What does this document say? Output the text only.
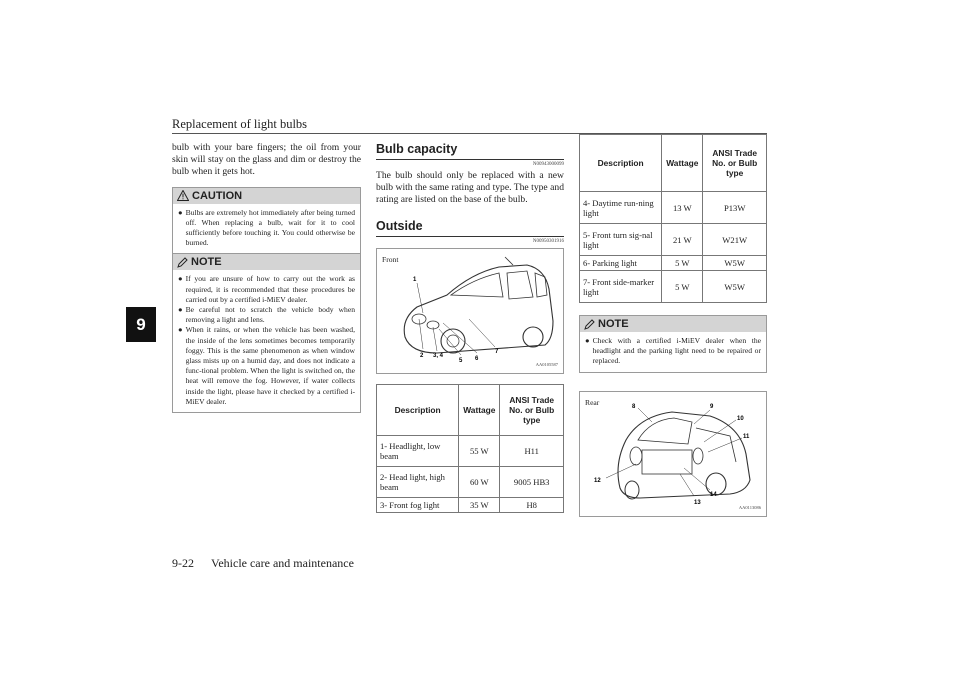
Replacement of light bulbs
9
bulb with your bare fingers; the oil from your skin will stay on the glass and dim or destroy the bulb when it gets hot.
CAUTION
● Bulbs are extremely hot immediately after being turned off. When replacing a bulb, wait for it to cool sufficiently before touching it. You could otherwise be burned.
NOTE
● If you are unsure of how to carry out the work as required, it is recommended that these procedures be carried out by a certified i-MiEV dealer.
● Be careful not to scratch the vehicle body when removing a light and lens.
● When it rains, or when the vehicle has been washed, the inside of the lens sometimes becomes temporarily foggy. This is the same phenomenon as when window glass mists up on a humid day, and does not indicate a func-tional problem. When the light is switched on, the heat will remove the fog. However, if water collects inside the light, please have it checked by a certified i-MiEV dealer.
Bulb capacity
N00943000099
The bulb should only be replaced with a new bulb with the same rating and type. The type and rating are listed on the base of the bulb.
Outside
N00950301916
Front
1
2 3, 4
5 6
7
AA0105587
Description	Wattage	ANSI Trade No. or Bulb type
1- Headlight, low beam	55 W	H11
2- Head light, high beam	60 W	9005 HB3
3- Front fog light	35 W	H8
Description	Wattage	ANSI Trade No. or Bulb type
4- Daytime run-ning light	13 W	P13W
5- Front turn sig-nal light	21 W	W21W
6- Parking light	5 W	W5W
7- Front side-marker light	5 W	W5W
NOTE
● Check with a certified i-MiEV dealer when the headlight and the parking light need to be repaired or replaced.
Rear	8	9
10
11
12
13
14
AA0113086
9-22 Vehicle care and maintenance
